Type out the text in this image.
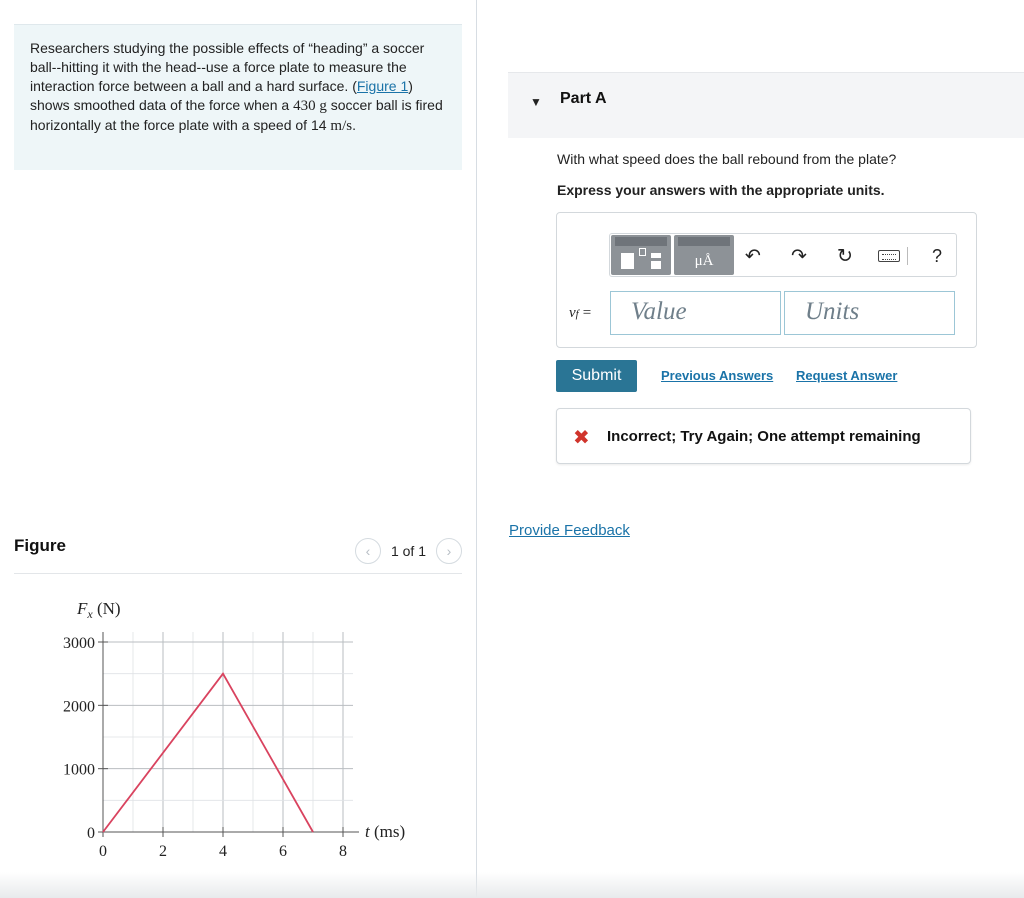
Researchers studying the possible effects of “heading” a soccer ball--hitting it with the head--use a force plate to measure the interaction force between a ball and a hard surface. (Figure 1) shows smoothed data of the force when a 430 g soccer ball is fired horizontally at the force plate with a speed of 14 m/s.
Figure	‹	1 of 1	›
0	2	4	6	8
0
1000
2000
3000
$F_x$ (N)
t (ms)
▼ Part A
With what speed does the ball rebound from the plate?
Express your answers with the appropriate units.
μÅ	↶ ↷ ↻	?
vf =	Value	Units
Submit	Previous Answers Request Answer
✖ Incorrect; Try Again; One attempt remaining
Provide Feedback
